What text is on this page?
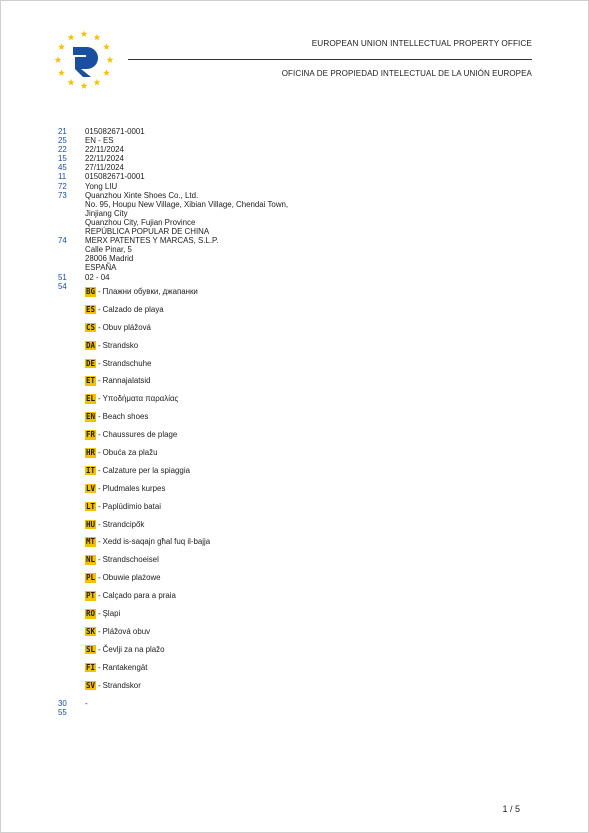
EUROPEAN UNION INTELLECTUAL PROPERTY OFFICE
OFICINA DE PROPIEDAD INTELECTUAL DE LA UNIÓN EUROPEA
21	015082671-0001
25	EN - ES
22	22/11/2024
15	22/11/2024
45	27/11/2024
11	015082671-0001
72	Yong LIU
73	Quanzhou Xinte Shoes Co., Ltd.
No. 95, Houpu New Village, Xibian Village, Chendai Town,
Jinjiang City
Quanzhou City, Fujian Province
REPÚBLICA POPULAR DE CHINA
74	MERX PATENTES Y MARCAS, S.L.P.
Calle Pinar, 5
28006 Madrid
ESPAÑA
51	02 - 04
54
BG - Плажни обувки, джапанки
ES - Calzado de playa
CS - Obuv plážová
DA - Strandsko
DE - Strandschuhe
ET - Rannajalatsid
EL - Υποδήματα παραλίας
EN - Beach shoes
FR - Chaussures de plage
HR - Obuća za plažu
IT - Calzature per la spiaggia
LV - Pludmales kurpes
LT - Paplūdimio batai
HU - Strandcipők
MT - Xedd is-saqajn għal fuq il-bajja
NL - Strandschoeisel
PL - Obuwie plażowe
PT - Calçado para a praia
RO - Şlapi
SK - Plážová obuv
SL - Čevlji za na plažo
FI - Rantakengät
SV - Strandskor
30	-
55
1 / 5
